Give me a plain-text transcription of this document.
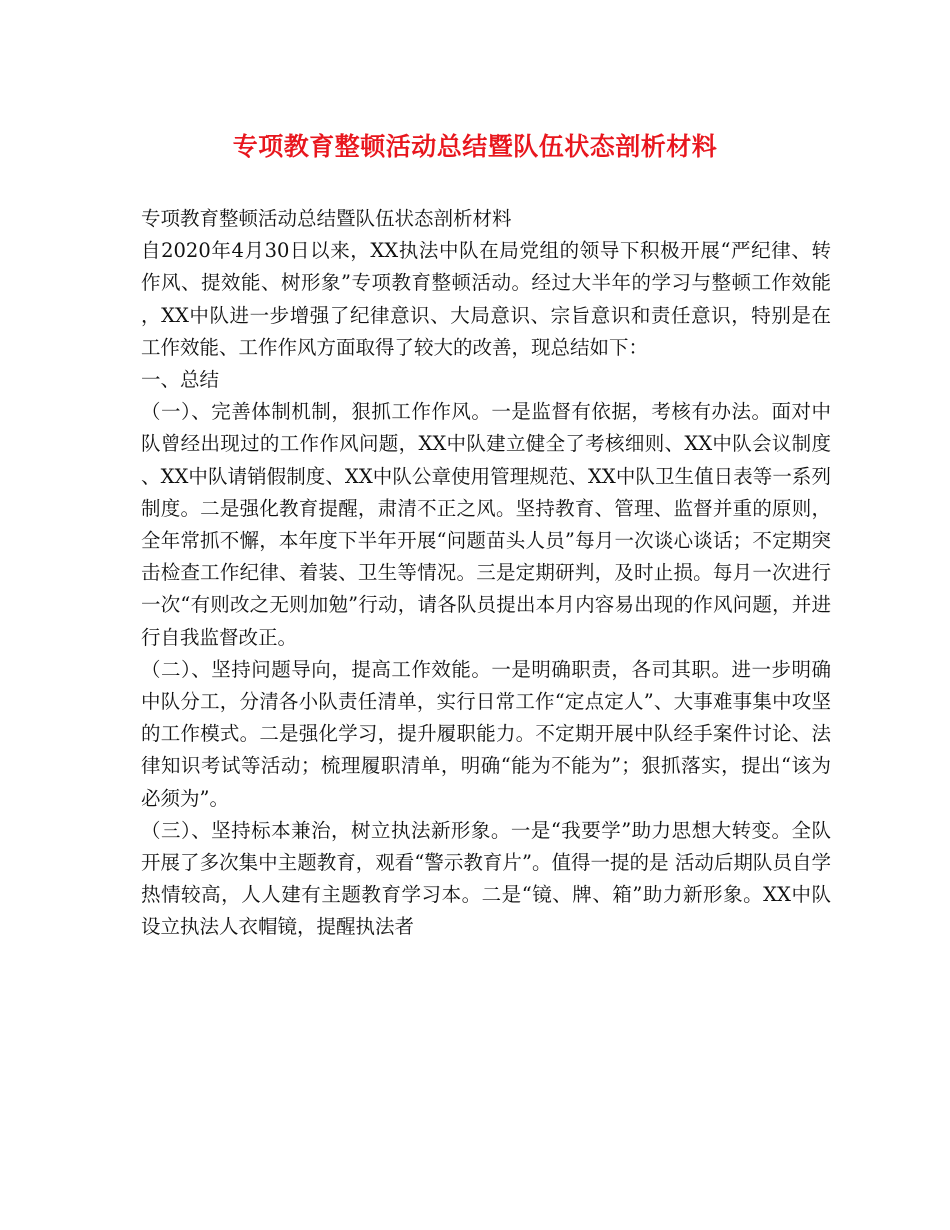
专项教育整顿活动总结暨队伍状态剖析材料

专项教育整顿活动总结暨队伍状态剖析材料

自2020年4月30日以来，XX执法中队在局党组的领导下积极开展“严纪律、转作风、提效能、树形象”专项教育整顿活动。经过大半年的学习与整顿工作效能，XX中队进一步增强了纪律意识、大局意识、宗旨意识和责任意识，特别是在工作效能、工作作风方面取得了较大的改善，现总结如下：

一、总结

（一）、完善体制机制，狠抓工作作风。一是监督有依据，考核有办法。面对中队曾经出现过的工作作风问题，XX中队建立健全了考核细则、XX中队会议制度、XX中队请销假制度、XX中队公章使用管理规范、XX中队卫生值日表等一系列制度。二是强化教育提醒，肃清不正之风。坚持教育、管理、监督并重的原则，全年常抓不懈，本年度下半年开展“问题苗头人员”每月一次谈心谈话；不定期突击检查工作纪律、着装、卫生等情况。三是定期研判，及时止损。每月一次进行一次“有则改之无则加勉”行动，请各队员提出本月内容易出现的作风问题，并进行自我监督改正。

（二）、坚持问题导向，提高工作效能。一是明确职责，各司其职。进一步明确中队分工，分清各小队责任清单，实行日常工作“定点定人”、大事难事集中攻坚的工作模式。二是强化学习，提升履职能力。不定期开展中队经手案件讨论、法律知识考试等活动；梳理履职清单，明确“能为不能为”；狠抓落实，提出“该为必须为”。

（三）、坚持标本兼治，树立执法新形象。一是“我要学”助力思想大转变。全队开展了多次集中主题教育，观看“警示教育片”。值得一提的是 活动后期队员自学热情较高，人人建有主题教育学习本。二是“镜、牌、箱”助力新形象。XX中队设立执法人衣帽镜，提醒执法者
